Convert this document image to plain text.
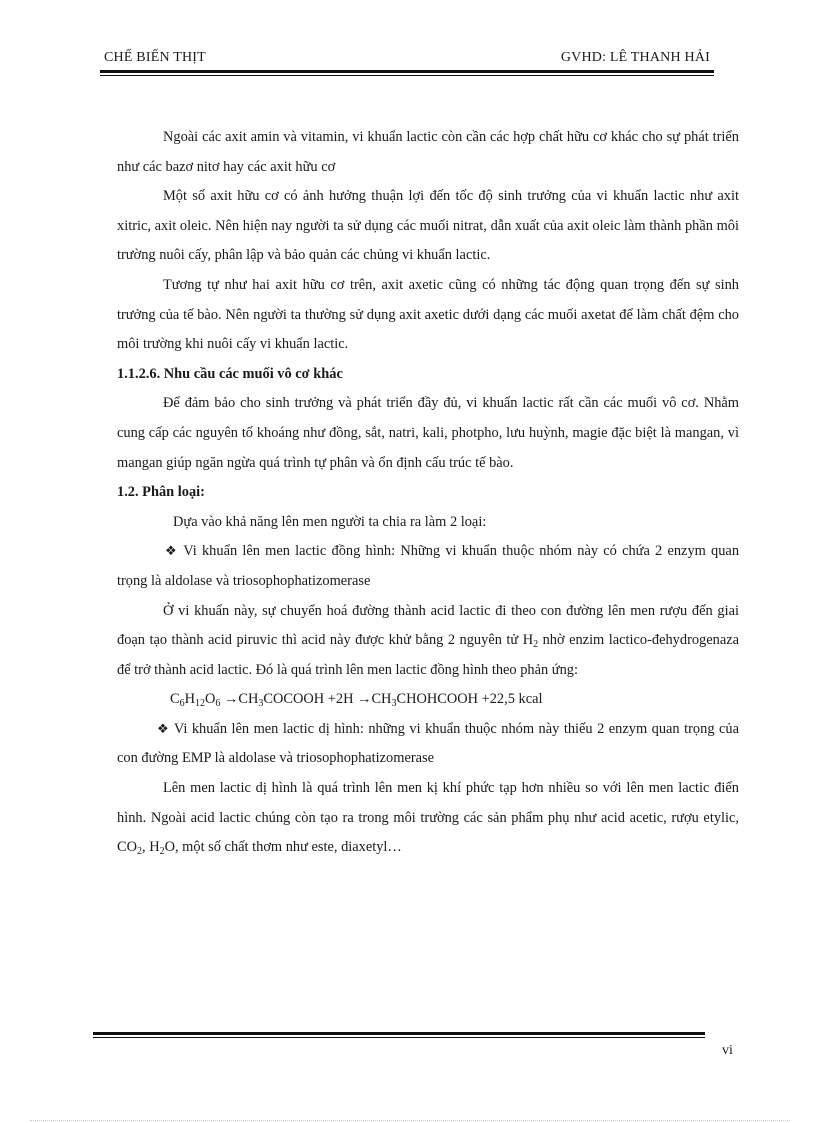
CHẾ BIẾN THỊT	GVHD: LÊ THANH HẢI

Ngoài các axit amin và vitamin, vi khuẩn lactic còn cần các hợp chất hữu cơ khác cho sự phát triển như các bazơ nitơ hay các axit hữu cơ

Một số axit hữu cơ có ảnh hưởng thuận lợi đến tốc độ sinh trưởng của vi khuẩn lactic như axit xitric, axit oleic. Nên hiện nay người ta sử dụng các muối nitrat, dẫn xuất của axit oleic làm thành phần môi trường nuôi cấy, phân lập và bảo quản các chủng vi khuẩn lactic.

Tương tự như hai axit hữu cơ trên, axit axetic cũng có những tác động quan trọng đến sự sinh trưởng của tế bào. Nên người ta thường sử dụng axit axetic dưới dạng các muối axetat để làm chất đệm cho môi trường khi nuôi cấy vi khuẩn lactic.

1.1.2.6. Nhu cầu các muối vô cơ khác

Để đảm bảo cho sinh trưởng và phát triển đầy đủ, vi khuẩn lactic rất cần các muối vô cơ. Nhằm cung cấp các nguyên tố khoáng như đồng, sắt, natri, kali, photpho, lưu huỳnh, magie đặc biệt là mangan, vì mangan giúp ngăn ngừa quá trình tự phân và ổn định cấu trúc tế bào.

1.2. Phân loại:

Dựa vào khả năng lên men người ta chia ra làm 2 loại:

❖ Vi khuẩn lên men lactic đồng hình: Những vi khuẩn thuộc nhóm này có chứa 2 enzym quan trọng là aldolase và triosophophatizomerase

Ở vi khuẩn này, sự chuyển hoá đường thành acid lactic đi theo con đường lên men rượu đến giai đoạn tạo thành acid piruvic thì acid này được khử bằng 2 nguyên tử $H_2$ nhờ enzim lactico-đehydrogenaza để trở thành acid lactic. Đó là quá trình lên men lactic đồng hình theo phản ứng:

$C_6H_{12}O_6$ $\to CH_3COCOOH +2H$ $\to CH_3CHOHCOOH +22,5$ kcal

❖ Vi khuẩn lên men lactic dị hình: những vi khuẩn thuộc nhóm này thiếu 2 enzym quan trọng của con đường EMP là aldolase và triosophophatizomerase

Lên men lactic dị hình là quá trình lên men kị khí phức tạp hơn nhiều so với lên men lactic điển hình. Ngoài acid lactic chúng còn tạo ra trong môi trường các sản phẩm phụ như acid acetic, rượu etylic, $CO_2$, $H_2O$, một số chất thơm như este, diaxetyl…

vi
